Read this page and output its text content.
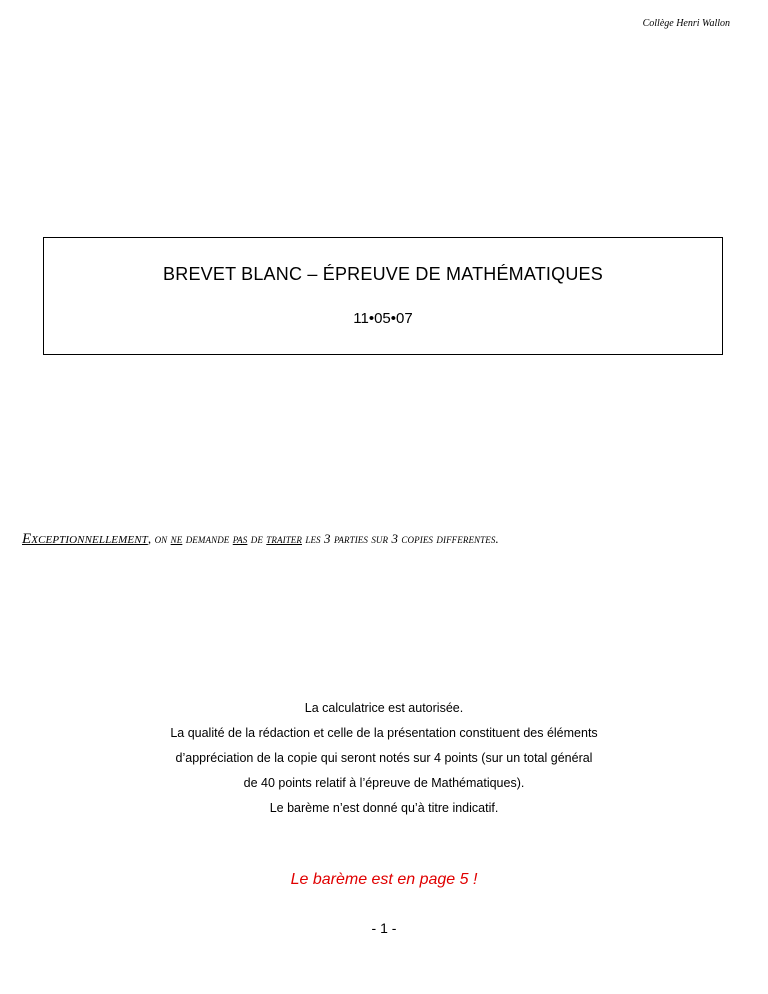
Collège Henri Wallon
BREVET BLANC – ÉPREUVE DE MATHÉMATIQUES
11•05•07
Exceptionnellement, on ne demande pas de traiter les 3 parties sur 3 copies differentes.
La calculatrice est autorisée.
La qualité de la rédaction et celle de la présentation constituent des éléments
d’appréciation de la copie qui seront notés sur 4 points (sur un total général
de 40 points relatif à l’épreuve de Mathématiques).
Le barème n’est donné qu’à titre indicatif.
Le barème est en page 5 !
- 1 -
